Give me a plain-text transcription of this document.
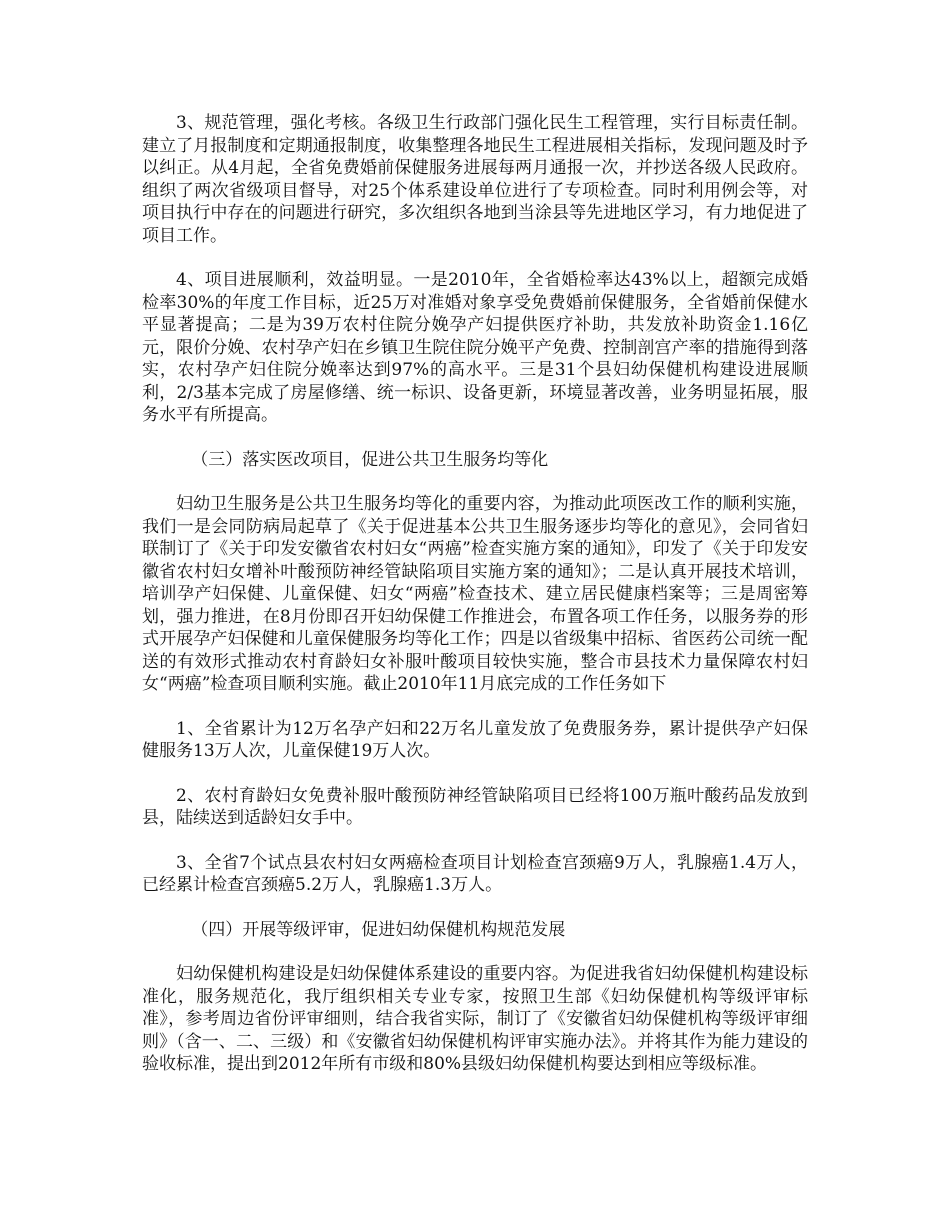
3、规范管理，强化考核。各级卫生行政部门强化民生工程管理，实行目标责任制。建立了月报制度和定期通报制度，收集整理各地民生工程进展相关指标，发现问题及时予以纠正。从4月起，全省免费婚前保健服务进展每两月通报一次，并抄送各级人民政府。组织了两次省级项目督导，对25个体系建设单位进行了专项检查。同时利用例会等，对项目执行中存在的问题进行研究，多次组织各地到当涂县等先进地区学习，有力地促进了项目工作。

4、项目进展顺利，效益明显。一是2010年，全省婚检率达43%以上，超额完成婚检率30%的年度工作目标，近25万对准婚对象享受免费婚前保健服务，全省婚前保健水平显著提高；二是为39万农村住院分娩孕产妇提供医疗补助，共发放补助资金1.16亿元，限价分娩、农村孕产妇在乡镇卫生院住院分娩平产免费、控制剖宫产率的措施得到落实，农村孕产妇住院分娩率达到97%的高水平。三是31个县妇幼保健机构建设进展顺利，2/3基本完成了房屋修缮、统一标识、设备更新，环境显著改善，业务明显拓展，服务水平有所提高。

（三）落实医改项目，促进公共卫生服务均等化

妇幼卫生服务是公共卫生服务均等化的重要内容，为推动此项医改工作的顺利实施，我们一是会同防病局起草了《关于促进基本公共卫生服务逐步均等化的意见》，会同省妇联制订了《关于印发安徽省农村妇女“两癌”检查实施方案的通知》，印发了《关于印发安徽省农村妇女增补叶酸预防神经管缺陷项目实施方案的通知》；二是认真开展技术培训，培训孕产妇保健、儿童保健、妇女“两癌”检查技术、建立居民健康档案等；三是周密筹划，强力推进，在8月份即召开妇幼保健工作推进会，布置各项工作任务，以服务券的形式开展孕产妇保健和儿童保健服务均等化工作；四是以省级集中招标、省医药公司统一配送的有效形式推动农村育龄妇女补服叶酸项目较快实施，整合市县技术力量保障农村妇女“两癌”检查项目顺利实施。截止2010年11月底完成的工作任务如下

1、全省累计为12万名孕产妇和22万名儿童发放了免费服务券，累计提供孕产妇保健服务13万人次，儿童保健19万人次。

2、农村育龄妇女免费补服叶酸预防神经管缺陷项目已经将100万瓶叶酸药品发放到县，陆续送到适龄妇女手中。

3、全省7个试点县农村妇女两癌检查项目计划检查宫颈癌9万人，乳腺癌1.4万人，已经累计检查宫颈癌5.2万人，乳腺癌1.3万人。

（四）开展等级评审，促进妇幼保健机构规范发展

妇幼保健机构建设是妇幼保健体系建设的重要内容。为促进我省妇幼保健机构建设标准化，服务规范化，我厅组织相关专业专家，按照卫生部《妇幼保健机构等级评审标准》，参考周边省份评审细则，结合我省实际，制订了《安徽省妇幼保健机构等级评审细则》（含一、二、三级）和《安徽省妇幼保健机构评审实施办法》。并将其作为能力建设的验收标准，提出到2012年所有市级和80%县级妇幼保健机构要达到相应等级标准。
